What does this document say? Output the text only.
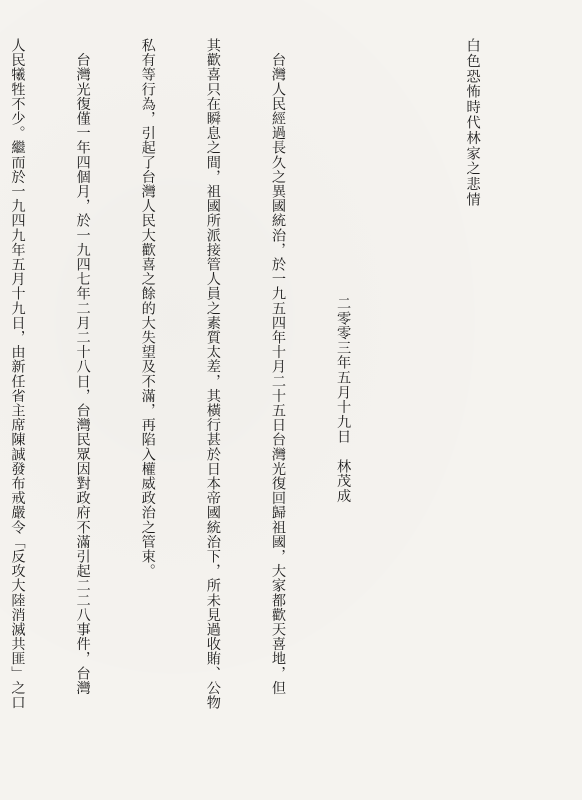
白色恐怖時代林家之悲情

二零零三年五月十九日　林茂成

　台灣人民經過長久之異國統治，於一九五四年十月二十五日台灣光復回歸祖國，大家都歡天喜地，但

其歡喜只在瞬息之間，祖國所派接管人員之素質太差，其橫行甚於日本帝國統治下，所未見過收賄、公物

私有等行為，引起了台灣人民大歡喜之餘的大失望及不滿，再陷入權威政治之管束。

　台灣光復僅一年四個月，於一九四七年二月二十八日，台灣民眾因對政府不滿引起二二八事件，台灣

人民犧牲不少。繼而於一九四九年五月十九日，由新任省主席陳誠發布戒嚴令「反攻大陸消滅共匪」之口
